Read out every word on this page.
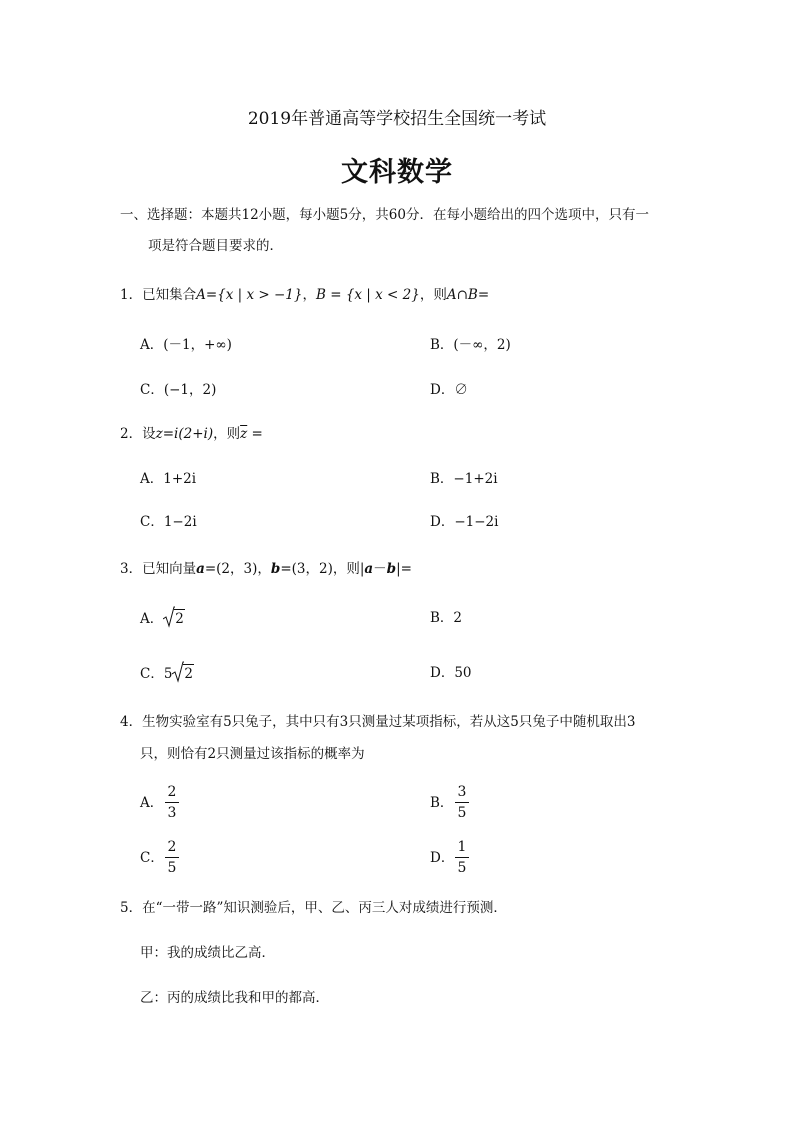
2019年普通高等学校招生全国统一考试
文科数学
一、选择题：本题共12小题，每小题5分，共60分．在每小题给出的四个选项中，只有一
项是符合题目要求的．
1．已知集合A={x | x > −1}，B = {x | x < 2}，则A∩B=
A．(－1，+∞)	B．(－∞，2)
C．(−1，2)	D．∅
2．设z=i(2+i)，则$\overline{z}$ =
A．1+2i	B．−1+2i
C．1−2i	D．−1−2i
3．已知向量a=(2，3)，b=(3，2)，则|a－b|=
A． 2	B．2
C．5 2	D．50
4．生物实验室有5只兔子，其中只有3只测量过某项指标，若从这5只兔子中随机取出3
只，则恰有2只测量过该指标的概率为
A．
2
3
B．
3
5
C．
2
5
D．
1
5
5．在“一带一路”知识测验后，甲、乙、丙三人对成绩进行预测．
甲：我的成绩比乙高．
乙：丙的成绩比我和甲的都高．
